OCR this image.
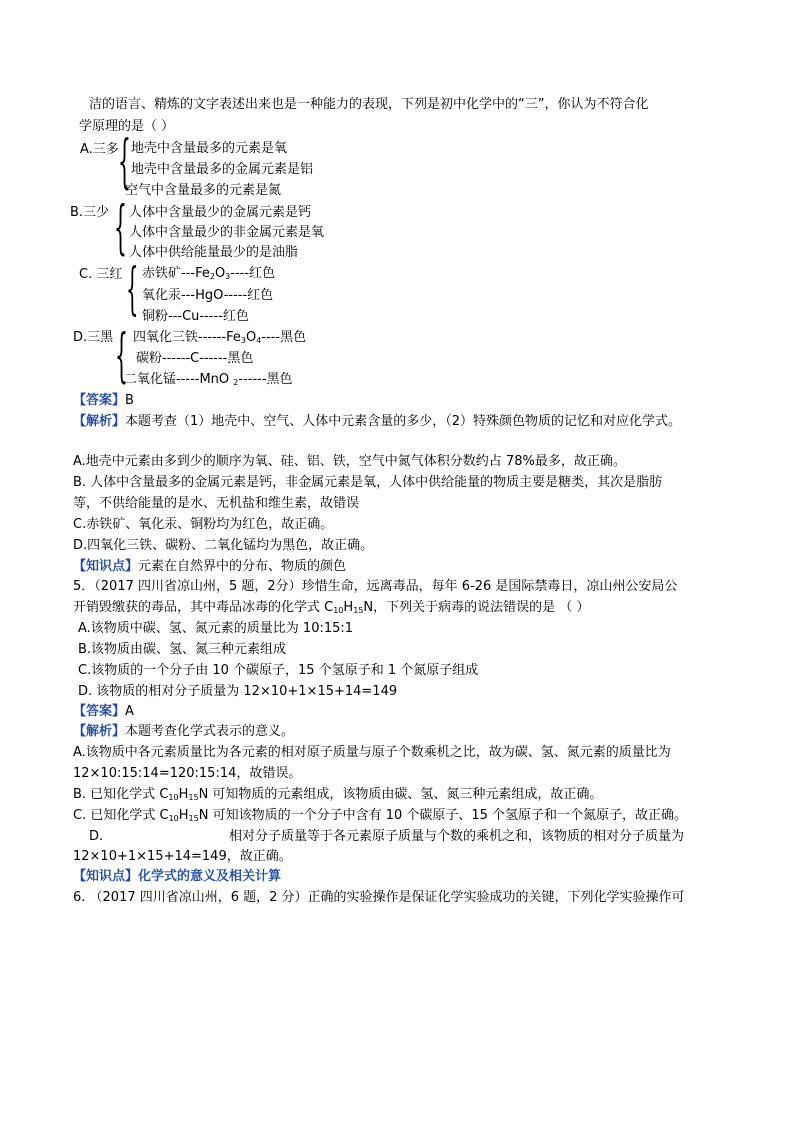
洁的语言、精炼的文字表述出来也是一种能力的表现，下列是初中化学中的“三”，你认为不符合化
学原理的是（ ）
A.三多 { 地壳中含量最多的元素是氧
地壳中含量最多的金属元素是铝
空气中含量最多的元素是氮
B.三少 { 人体中含量最少的金属元素是钙
人体中含量最少的非金属元素是氧
人体中供给能量最少的是油脂
C. 三红 { 赤铁矿$---Fe_2O_3----$红色
氧化汞---HgO-----红色
铜粉---Cu-----红色
D.三黑 { 四氧化三铁$------Fe_3O_4----$黑色
碳粉------C------黑色
二氧化锰-----MnO $_2$------黑色
【答案】B
【解析】本题考查（1）地壳中、空气、人体中元素含量的多少，（2）特殊颜色物质的记忆和对应化学式。
A.地壳中元素由多到少的顺序为氧、硅、铝、铁，空气中氮气体积分数约占 78%最多，故正确。
B. 人体中含量最多的金属元素是钙，非金属元素是氧，人体中供给能量的物质主要是糖类，其次是脂肪
等，不供给能量的是水、无机盐和维生素，故错误
C.赤铁矿、氧化汞、铜粉均为红色，故正确。
D.四氧化三铁、碳粉、二氧化锰均为黑色，故正确。
【知识点】元素在自然界中的分布、物质的颜色
5．（2017 四川省凉山州，5 题，2分）珍惜生命，远离毒品，每年 6-26 是国际禁毒日，凉山州公安局公
开销毁缴获的毒品，其中毒品冰毒的化学式 $C_{10}H_{15}N$，下列关于病毒的说法错误的是 （ ）
A.该物质中碳、氢、氮元素的质量比为 10:15:1
B.该物质由碳、氢、氮三种元素组成
C.该物质的一个分子由 10 个碳原子，15 个氢原子和 1 个氮原子组成
D. 该物质的相对分子质量为 12×10+1×15+14=149
【答案】A
【解析】本题考查化学式表示的意义。
A.该物质中各元素质量比为各元素的相对原子质量与原子个数乘机之比，故为碳、氢、氮元素的质量比为
12×10:15:14=120:15:14，故错误。
B. 已知化学式 $C_{10}H_{15}N$ 可知物质的元素组成，该物质由碳、氢、氮三种元素组成，故正确。
C. 已知化学式 $C_{10}H_{15}N$ 可知该物质的一个分子中含有 10 个碳原子、15 个氢原子和一个氮原子，故正确。
D.	相对分子质量等于各元素原子质量与个数的乘机之和，该物质的相对分子质量为
12×10+1×15+14=149，故正确。
【知识点】化学式的意义及相关计算
6. （2017 四川省凉山州，6 题，2 分）正确的实验操作是保证化学实验成功的关键，下列化学实验操作可
